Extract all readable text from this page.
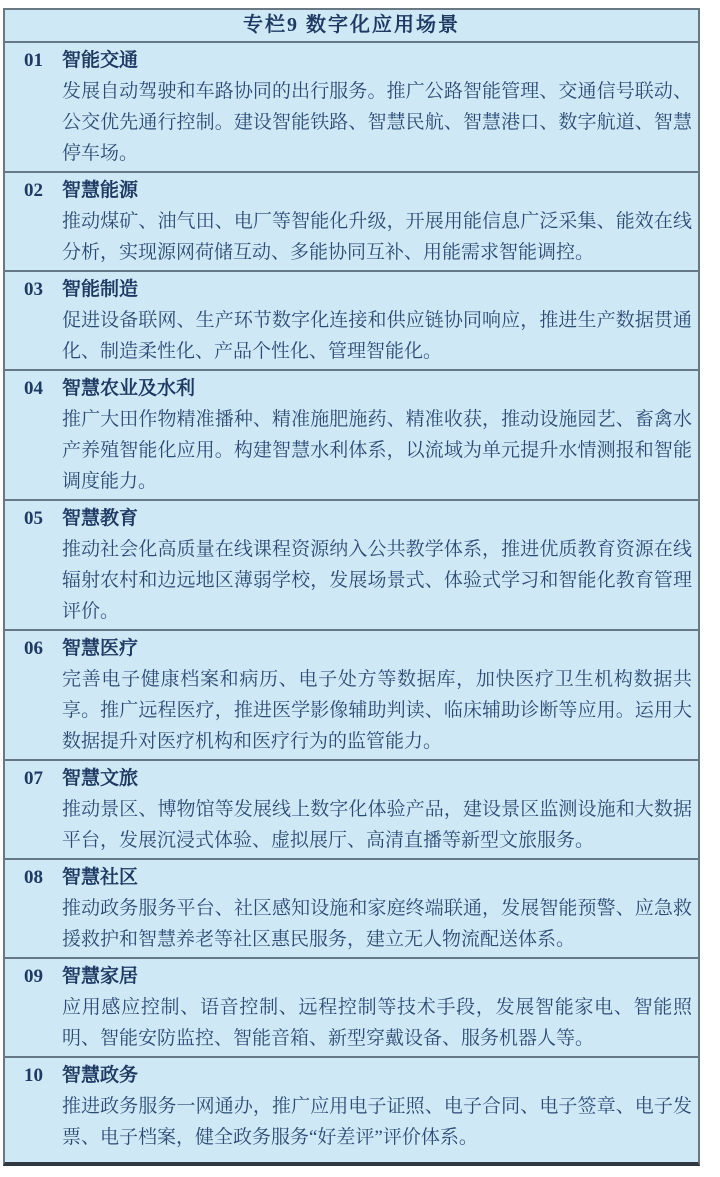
专栏9 数字化应用场景
01	智能交通
发展自动驾驶和车路协同的出行服务。推广公路智能管理、交通信号联动、公交优先通行控制。建设智能铁路、智慧民航、智慧港口、数字航道、智慧停车场。
02	智慧能源
推动煤矿、油气田、电厂等智能化升级，开展用能信息广泛采集、能效在线分析，实现源网荷储互动、多能协同互补、用能需求智能调控。
03	智能制造
促进设备联网、生产环节数字化连接和供应链协同响应，推进生产数据贯通化、制造柔性化、产品个性化、管理智能化。
04	智慧农业及水利
推广大田作物精准播种、精准施肥施药、精准收获，推动设施园艺、畜禽水产养殖智能化应用。构建智慧水利体系，以流域为单元提升水情测报和智能调度能力。
05	智慧教育
推动社会化高质量在线课程资源纳入公共教学体系，推进优质教育资源在线辐射农村和边远地区薄弱学校，发展场景式、体验式学习和智能化教育管理评价。
06	智慧医疗
完善电子健康档案和病历、电子处方等数据库，加快医疗卫生机构数据共享。推广远程医疗，推进医学影像辅助判读、临床辅助诊断等应用。运用大数据提升对医疗机构和医疗行为的监管能力。
07	智慧文旅
推动景区、博物馆等发展线上数字化体验产品，建设景区监测设施和大数据平台，发展沉浸式体验、虚拟展厅、高清直播等新型文旅服务。
08	智慧社区
推动政务服务平台、社区感知设施和家庭终端联通，发展智能预警、应急救援救护和智慧养老等社区惠民服务，建立无人物流配送体系。
09	智慧家居
应用感应控制、语音控制、远程控制等技术手段，发展智能家电、智能照明、智能安防监控、智能音箱、新型穿戴设备、服务机器人等。
10	智慧政务
推进政务服务一网通办，推广应用电子证照、电子合同、电子签章、电子发票、电子档案，健全政务服务“好差评”评价体系。
